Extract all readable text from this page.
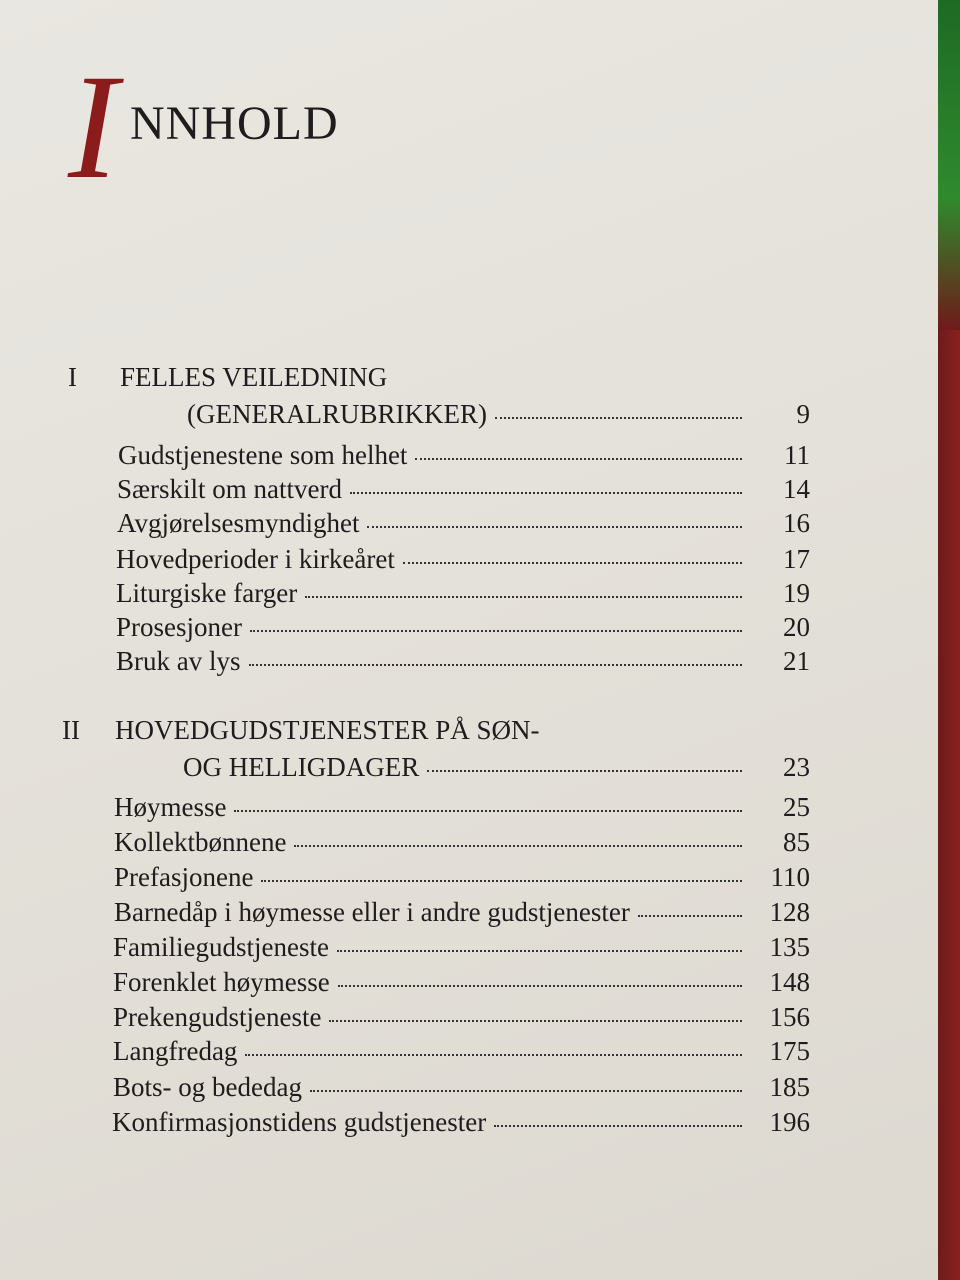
I NNHOLD
I FELLES VEILEDNING
(GENERALRUBRIKKER)	9
Gudstjenestene som helhet	11
Særskilt om nattverd	14
Avgjørelsesmyndighet	16
Hovedperioder i kirkeåret	17
Liturgiske farger	19
Prosesjoner	20
Bruk av lys	21
II HOVEDGUDSTJENESTER PÅ SØN-
OG HELLIGDAGER	23
Høymesse	25
Kollektbønnene	85
Prefasjonene	110
Barnedåp i høymesse eller i andre gudstjenester	128
Familiegudstjeneste	135
Forenklet høymesse	148
Prekengudstjeneste	156
Langfredag	175
Bots- og bededag	185
Konfirmasjonstidens gudstjenester	196
